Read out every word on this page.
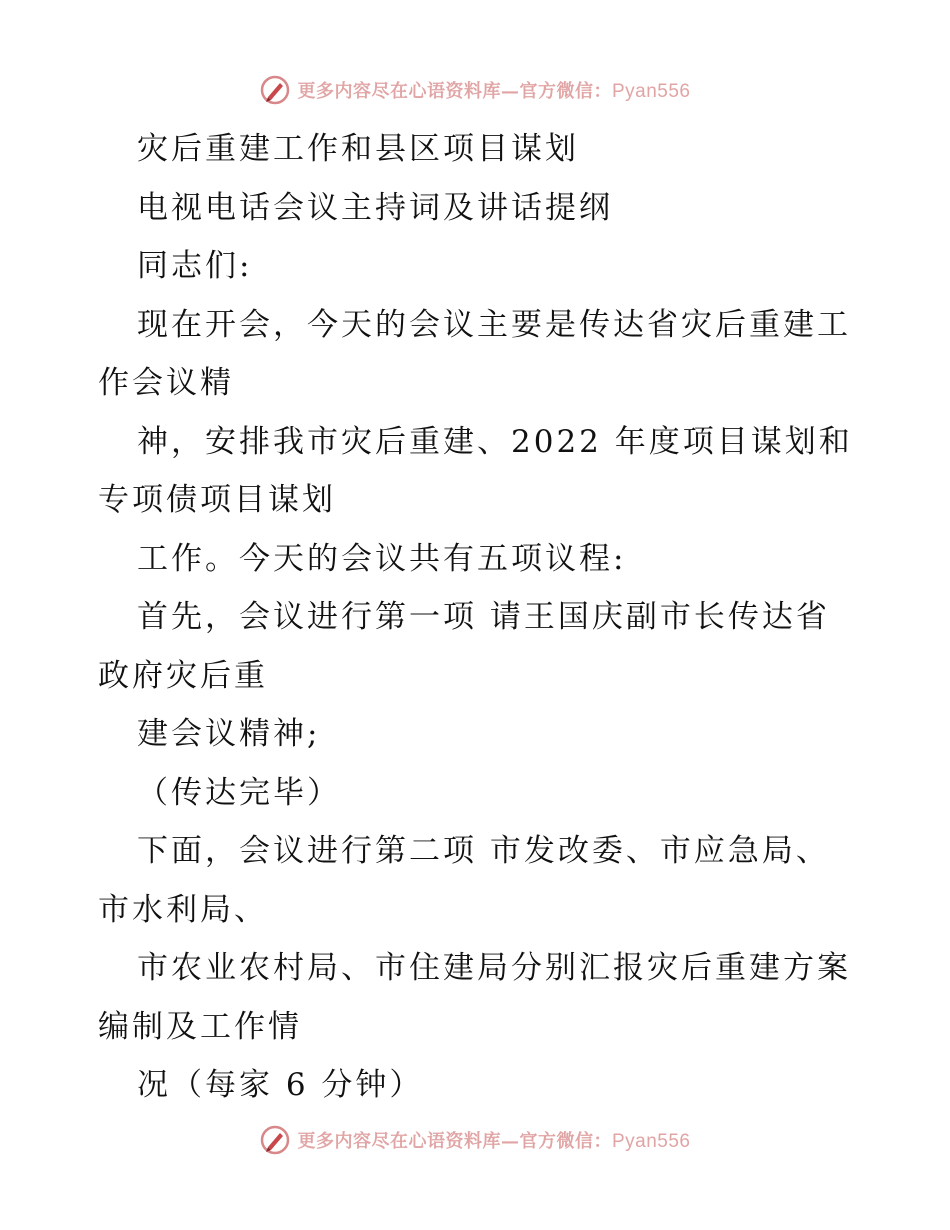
更多内容尽在心语资料库—官方微信：Pyan556
灾后重建工作和县区项目谋划
电视电话会议主持词及讲话提纲
同志们:
现在开会，今天的会议主要是传达省灾后重建工
作会议精
神，安排我市灾后重建、2022 年度项目谋划和
专项债项目谋划
工作。今天的会议共有五项议程:
首先，会议进行第一项 请王国庆副市长传达省
政府灾后重
建会议精神;
（传达完毕）
下面，会议进行第二项 市发改委、市应急局、
市水利局、
市农业农村局、市住建局分别汇报灾后重建方案
编制及工作情
况（每家 6 分钟）
更多内容尽在心语资料库—官方微信：Pyan556
